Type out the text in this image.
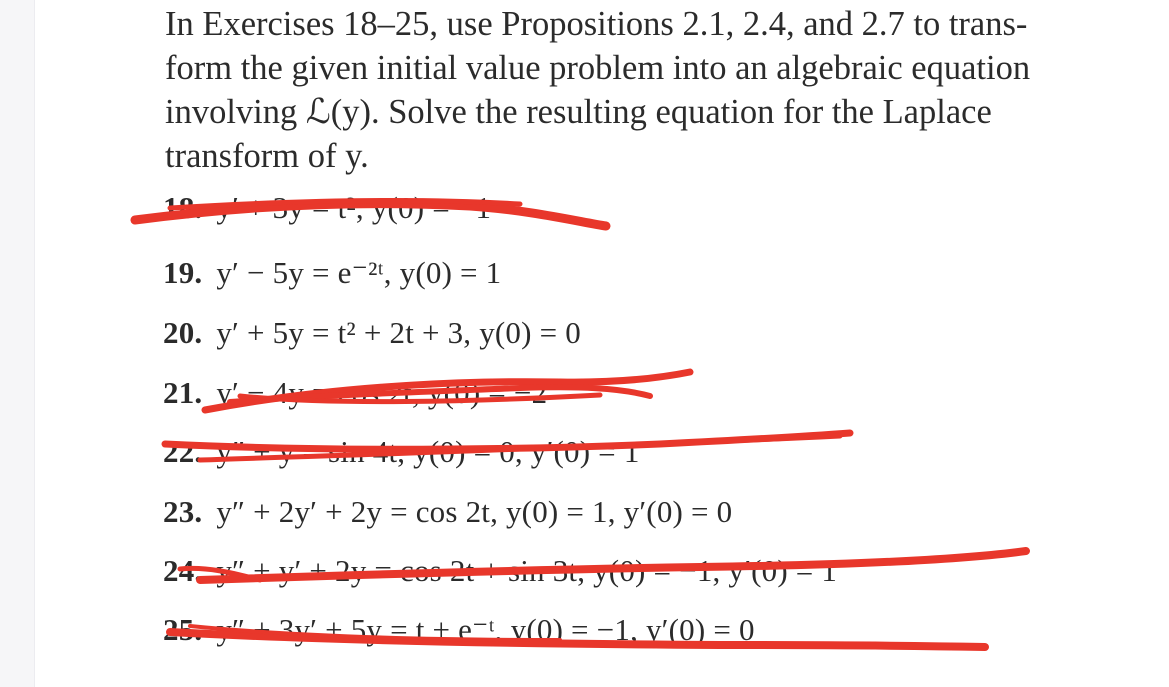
In Exercises 18–25, use Propositions 2.1, 2.4, and 2.7 to trans-
form the given initial value problem into an algebraic equation
involving ℒ(y). Solve the resulting equation for the Laplace
transform of y.
18. y′ + 3y = t², y(0) = −1
19. y′ − 5y = e⁻²ᵗ, y(0) = 1
20. y′ + 5y = t² + 2t + 3, y(0) = 0
21. y′ − 4y = cos 2t, y(0) = −2
22. y″ + y = sin 4t, y(0) = 0, y′(0) = 1
23. y″ + 2y′ + 2y = cos 2t, y(0) = 1, y′(0) = 0
24. y″ + y′ + 2y = cos 2t + sin 3t, y(0) = −1, y′(0) = 1
25. y″ + 3y′ + 5y = t + e⁻ᵗ, y(0) = −1, y′(0) = 0
